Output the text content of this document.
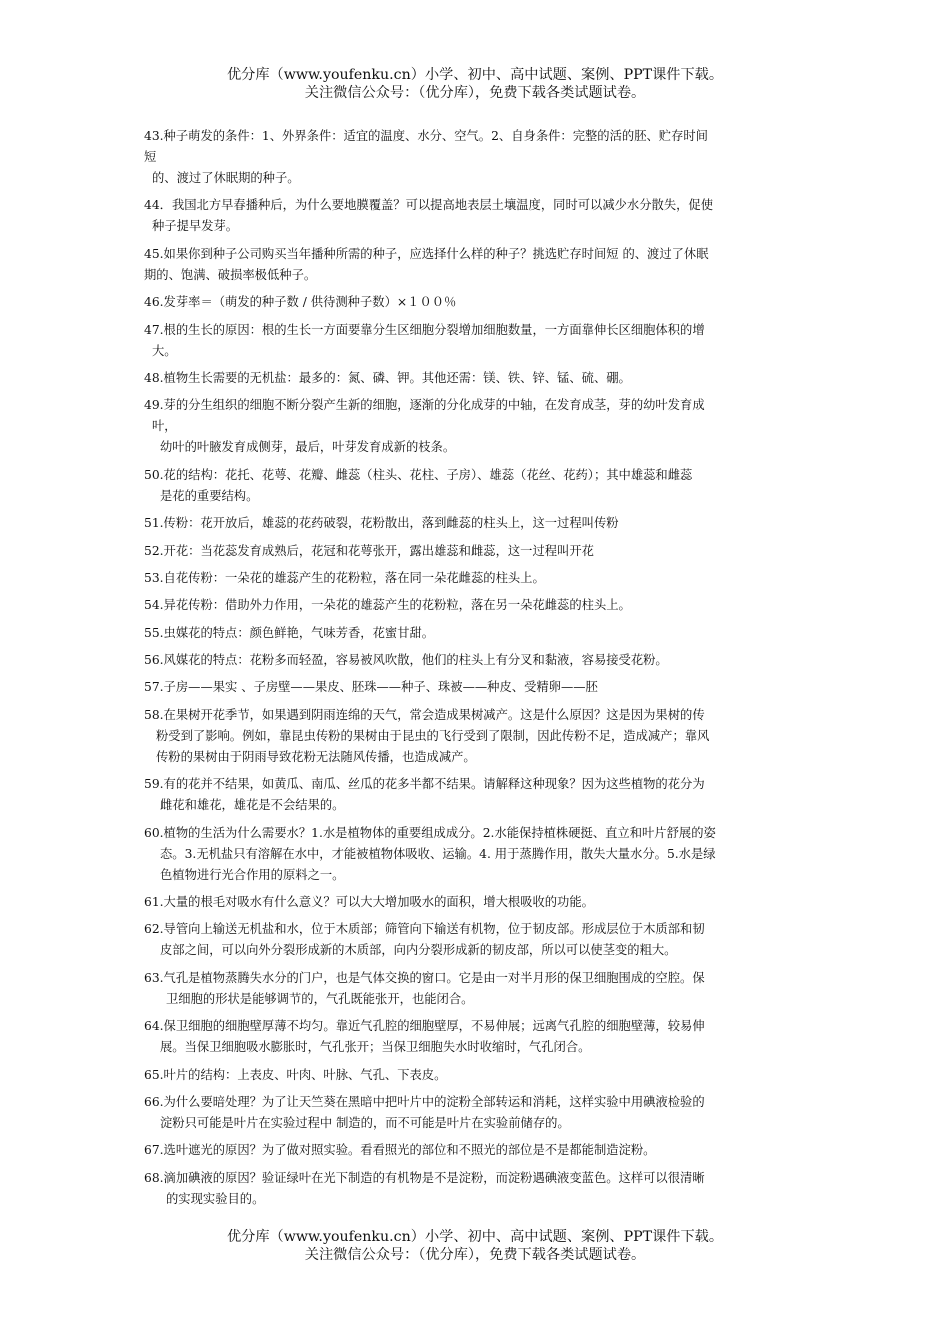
优分库（www.youfenku.cn）小学、初中、高中试题、案例、PPT课件下载。
关注微信公众号：（优分库），免费下载各类试题试卷。
43.种子萌发的条件：1、外界条件：适宜的温度、水分、空气。2、自身条件：完整的活的胚、贮存时间
短
的、渡过了休眠期的种子。
44．我国北方早春播种后，为什么要地膜覆盖？可以提高地表层土壤温度，同时可以减少水分散失，促使
种子提早发芽。
45.如果你到种子公司购买当年播种所需的种子，应选择什么样的种子？挑选贮存时间短 的、渡过了休眠
期的、饱满、破损率极低种子。
46.发芽率＝（萌发的种子数 / 供待测种子数）×１００％
47.根的生长的原因：根的生长一方面要靠分生区细胞分裂增加细胞数量，一方面靠伸长区细胞体积的增
大。
48.植物生长需要的无机盐：最多的：氮、磷、钾。其他还需：镁、铁、锌、锰、硫、硼。
49.芽的分生组织的细胞不断分裂产生新的细胞，逐渐的分化成芽的中轴，在发育成茎，芽的幼叶发育成
叶，
幼叶的叶腋发育成侧芽，最后，叶芽发育成新的枝条。
50.花的结构：花托、花萼、花瓣、雌蕊（柱头、花柱、子房）、雄蕊（花丝、花药）；其中雄蕊和雌蕊
是花的重要结构。
51.传粉：花开放后，雄蕊的花药破裂，花粉散出，落到雌蕊的柱头上，这一过程叫传粉
52.开花：当花蕊发育成熟后，花冠和花萼张开，露出雄蕊和雌蕊，这一过程叫开花
53.自花传粉：一朵花的雄蕊产生的花粉粒，落在同一朵花雌蕊的柱头上。
54.异花传粉：借助外力作用，一朵花的雄蕊产生的花粉粒，落在另一朵花雌蕊的柱头上。
55.虫媒花的特点：颜色鲜艳，气味芳香，花蜜甘甜。
56.风媒花的特点：花粉多而轻盈，容易被风吹散，他们的柱头上有分叉和黏液，容易接受花粉。
57.子房——果实 、子房壁——果皮、胚珠——种子、珠被——种皮、受精卵——胚
58.在果树开花季节，如果遇到阴雨连绵的天气，常会造成果树减产。这是什么原因？这是因为果树的传
粉受到了影响。例如，靠昆虫传粉的果树由于昆虫的飞行受到了限制，因此传粉不足，造成减产；靠风
传粉的果树由于阴雨导致花粉无法随风传播，也造成减产。
59.有的花并不结果，如黄瓜、南瓜、丝瓜的花多半都不结果。请解释这种现象？因为这些植物的花分为
雌花和雄花，雄花是不会结果的。
60.植物的生活为什么需要水？1.水是植物体的重要组成成分。2.水能保持植株硬挺、直立和叶片舒展的姿
态。3.无机盐只有溶解在水中，才能被植物体吸收、运输。4. 用于蒸腾作用，散失大量水分。5.水是绿
色植物进行光合作用的原料之一。
61.大量的根毛对吸水有什么意义？可以大大增加吸水的面积，增大根吸收的功能。
62.导管向上输送无机盐和水，位于木质部；筛管向下输送有机物，位于韧皮部。形成层位于木质部和韧
皮部之间，可以向外分裂形成新的木质部，向内分裂形成新的韧皮部，所以可以使茎变的粗大。
63.气孔是植物蒸腾失水分的门户，也是气体交换的窗口。它是由一对半月形的保卫细胞围成的空腔。保
卫细胞的形状是能够调节的，气孔既能张开，也能闭合。
64.保卫细胞的细胞壁厚薄不均匀。靠近气孔腔的细胞壁厚，不易伸展；远离气孔腔的细胞壁薄，较易伸
展。当保卫细胞吸水膨胀时，气孔张开；当保卫细胞失水时收缩时，气孔闭合。
65.叶片的结构：上表皮、叶肉、叶脉、气孔、下表皮。
66.为什么要暗处理？为了让天竺葵在黑暗中把叶片中的淀粉全部转运和消耗，这样实验中用碘液检验的
淀粉只可能是叶片在实验过程中 制造的，而不可能是叶片在实验前储存的。
67.选叶遮光的原因？为了做对照实验。看看照光的部位和不照光的部位是不是都能制造淀粉。
68.滴加碘液的原因？验证绿叶在光下制造的有机物是不是淀粉，而淀粉遇碘液变蓝色。这样可以很清晰
的实现实验目的。
优分库（www.youfenku.cn）小学、初中、高中试题、案例、PPT课件下载。
关注微信公众号：（优分库），免费下载各类试题试卷。
